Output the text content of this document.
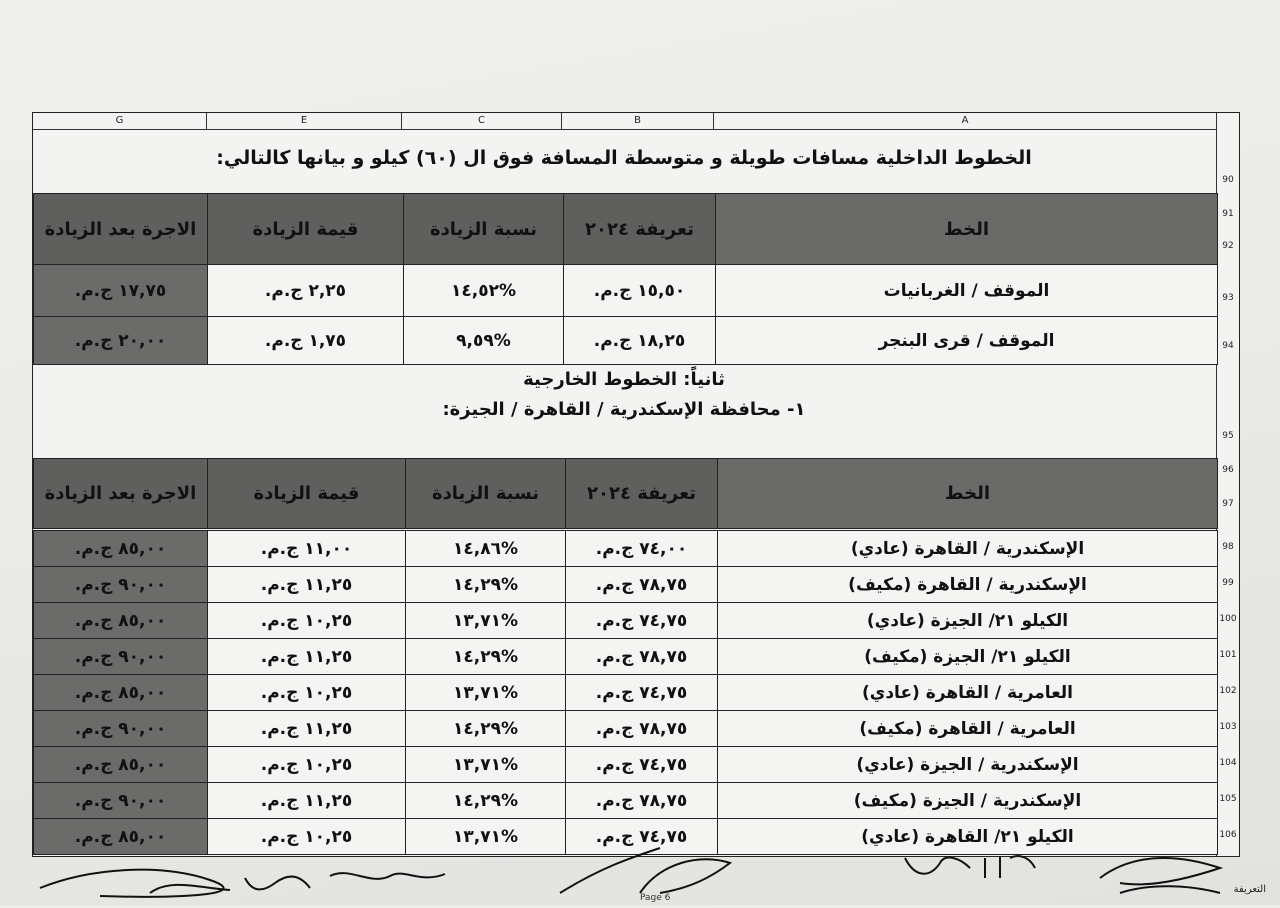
G	E	C	B	A
الخطوط الداخلية مسافات طويلة و متوسطة المسافة فوق ال (٦٠) كيلو و بيانها كالتالي:
90
91
92
الخط	تعريفة ٢٠٢٤	نسبة الزيادة	قيمة الزيادة	الاجرة بعد الزيادة
الموقف / الغربانيات	١٥,٥٠ ج.م.	%١٤,٥٢	٢,٢٥ ج.م.	١٧,٧٥ ج.م.
الموقف / قرى البنجر	١٨,٢٥ ج.م.	%٩,٥٩	١,٧٥ ج.م.	٢٠,٠٠ ج.م.
93
94
ثانياً: الخطوط الخارجية
١- محافظة الإسكندرية / القاهرة / الجيزة:
95
الخط	تعريفة ٢٠٢٤	نسبة الزيادة	قيمة الزيادة	الاجرة بعد الزيادة
96
97
الإسكندرية / القاهرة (عادي)	٧٤,٠٠ ج.م.	%١٤,٨٦	١١,٠٠ ج.م.	٨٥,٠٠ ج.م.
الإسكندرية / القاهرة (مكيف)	٧٨,٧٥ ج.م.	%١٤,٢٩	١١,٢٥ ج.م.	٩٠,٠٠ ج.م.
الكيلو ٢١/ الجيزة (عادي)	٧٤,٧٥ ج.م.	%١٣,٧١	١٠,٢٥ ج.م.	٨٥,٠٠ ج.م.
الكيلو ٢١/ الجيزة (مكيف)	٧٨,٧٥ ج.م.	%١٤,٢٩	١١,٢٥ ج.م.	٩٠,٠٠ ج.م.
العامرية / القاهرة (عادي)	٧٤,٧٥ ج.م.	%١٣,٧١	١٠,٢٥ ج.م.	٨٥,٠٠ ج.م.
العامرية / القاهرة (مكيف)	٧٨,٧٥ ج.م.	%١٤,٢٩	١١,٢٥ ج.م.	٩٠,٠٠ ج.م.
الإسكندرية / الجيزة (عادي)	٧٤,٧٥ ج.م.	%١٣,٧١	١٠,٢٥ ج.م.	٨٥,٠٠ ج.م.
الإسكندرية / الجيزة (مكيف)	٧٨,٧٥ ج.م.	%١٤,٢٩	١١,٢٥ ج.م.	٩٠,٠٠ ج.م.
الكيلو ٢١/ القاهرة (عادي)	٧٤,٧٥ ج.م.	%١٣,٧١	١٠,٢٥ ج.م.	٨٥,٠٠ ج.م.
98
99
100
101
102
103
104
105
106
Page 6
التعريفة
